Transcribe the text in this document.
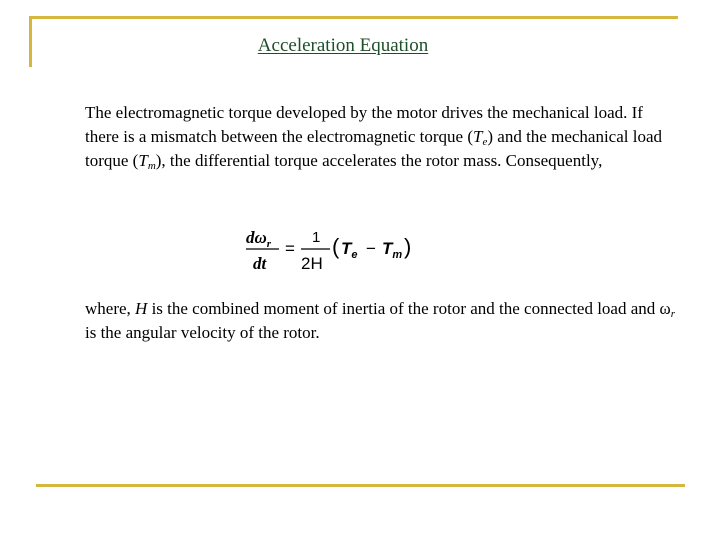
Acceleration Equation

The electromagnetic torque developed by the motor drives the mechanical load. If there is a mismatch between the electromagnetic torque $(T_e)$ and the mechanical load torque $(T_m)$, the differential torque accelerates the rotor mass. Consequently,

$d\omega_r$
dt
=
1
2H
( $T_e - T_m$ )

where, H is the combined moment of inertia of the rotor and the connected load and $\omega_r$ is the angular velocity of the rotor.
